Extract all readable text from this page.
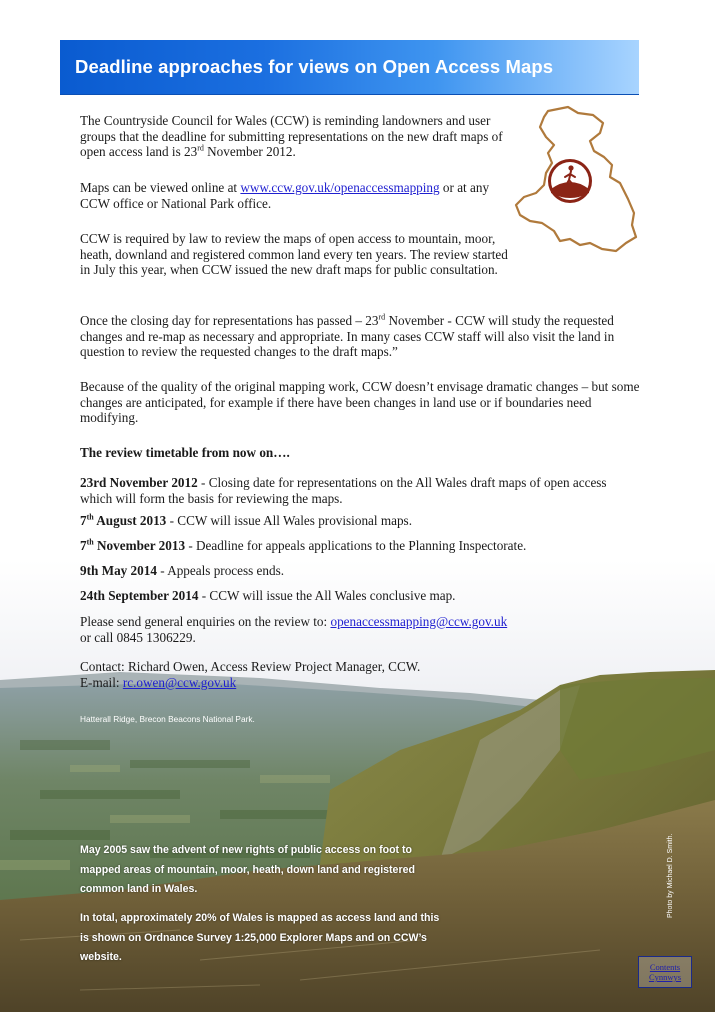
Deadline approaches for views on Open Access Maps

The Countryside Council for Wales (CCW) is reminding landowners and user groups that the deadline for submitting representations on the new draft maps of open access land is 23rd November 2012.

Maps can be viewed online at www.ccw.gov.uk/openaccessmapping or at any CCW office or National Park office.

CCW is required by law to review the maps of open access to mountain, moor, heath, downland and registered common land every ten years. The review started in July this year, when CCW issued the new draft maps for public consultation.

Once the closing day for representations has passed – 23rd November - CCW will study the requested changes and re-map as necessary and appropriate. In many cases CCW staff will also visit the land in question to review the requested changes to the draft maps.”

Because of the quality of the original mapping work, CCW doesn’t envisage dramatic changes – but some changes are anticipated, for example if there have been changes in land use or if boundaries need modifying.

The review timetable from now on….

23rd November 2012 - Closing date for representations on the All Wales draft maps of open access which will form the basis for reviewing the maps.

7th August 2013 - CCW will issue All Wales provisional maps.

7th November 2013 - Deadline for appeals applications to the Planning Inspectorate.

9th May 2014 - Appeals process ends.

24th September 2014 - CCW will issue the All Wales conclusive map.

Please send general enquiries on the review to: openaccessmapping@ccw.gov.uk
or call 0845 1306229.

Contact: Richard Owen, Access Review Project Manager, CCW.
E-mail: rc.owen@ccw.gov.uk

Hatterall Ridge, Brecon Beacons National Park.
Photo by Michael D. Smith.

May 2005 saw the advent of new rights of public access on foot to mapped areas of mountain, moor, heath, down land and registered common land in Wales.

In total, approximately 20% of Wales is mapped as access land and this is shown on Ordnance Survey 1:25,000 Explorer Maps and on CCW’s website.

Contents Cynnwys
